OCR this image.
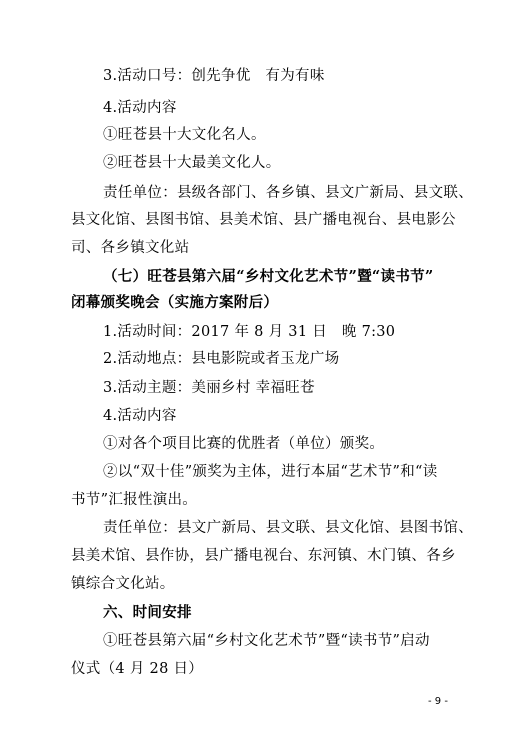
3.活动口号：创先争优　有为有味
4.活动内容
①旺苍县十大文化名人。
②旺苍县十大最美文化人。
责任单位：县级各部门、各乡镇、县文广新局、县文联、
县文化馆、县图书馆、县美术馆、县广播电视台、县电影公
司、各乡镇文化站
（七）旺苍县第六届“乡村文化艺术节”暨“读书节”
闭幕颁奖晚会（实施方案附后）
1.活动时间：2017 年 8 月 31 日　晚 7:30
2.活动地点：县电影院或者玉龙广场
3.活动主题：美丽乡村 幸福旺苍
4.活动内容
①对各个项目比赛的优胜者（单位）颁奖。
②以“双十佳”颁奖为主体，进行本届“艺术节”和“读
书节”汇报性演出。
责任单位：县文广新局、县文联、县文化馆、县图书馆、
县美术馆、县作协，县广播电视台、东河镇、木门镇、各乡
镇综合文化站。
六、时间安排
①旺苍县第六届“乡村文化艺术节”暨“读书节”启动
仪式（4 月 28 日）
- 9 -
